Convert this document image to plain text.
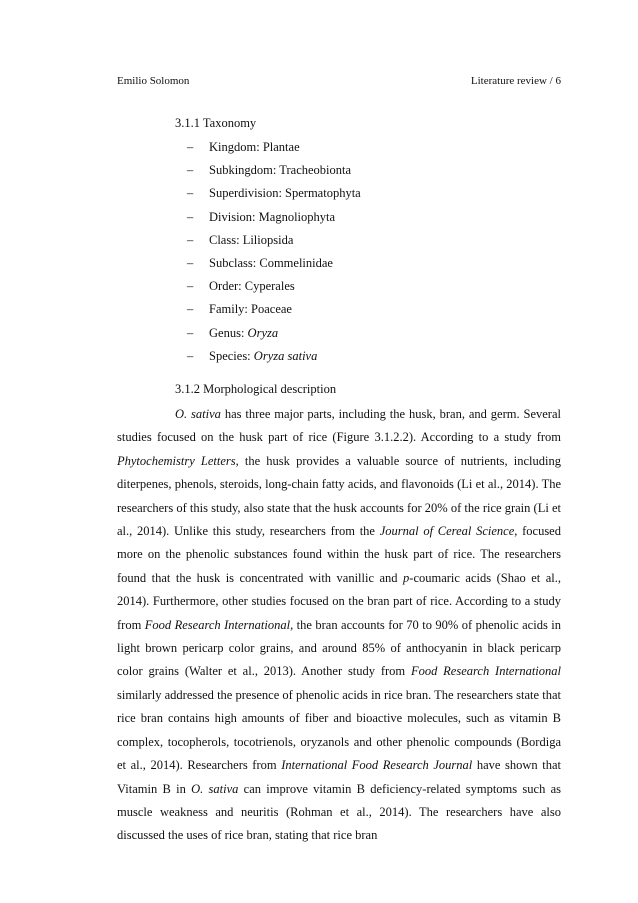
Emilio Solomon	Literature review / 6

3.1.1 Taxonomy

– Kingdom: Plantae
– Subkingdom: Tracheobionta
– Superdivision: Spermatophyta
– Division: Magnoliophyta
– Class: Liliopsida
– Subclass: Commelinidae
– Order: Cyperales
– Family: Poaceae
– Genus: Oryza
– Species: Oryza sativa

3.1.2 Morphological description

O. sativa has three major parts, including the husk, bran, and germ. Several studies focused on the husk part of rice (Figure 3.1.2.2). According to a study from Phytochemistry Letters, the husk provides a valuable source of nutrients, including diterpenes, phenols, steroids, long-chain fatty acids, and flavonoids (Li et al., 2014). The researchers of this study, also state that the husk accounts for 20% of the rice grain (Li et al., 2014). Unlike this study, researchers from the Journal of Cereal Science, focused more on the phenolic substances found within the husk part of rice. The researchers found that the husk is concentrated with vanillic and p-coumaric acids (Shao et al., 2014). Furthermore, other studies focused on the bran part of rice. According to a study from Food Research International, the bran accounts for 70 to 90% of phenolic acids in light brown pericarp color grains, and around 85% of anthocyanin in black pericarp color grains (Walter et al., 2013). Another study from Food Research International similarly addressed the presence of phenolic acids in rice bran. The researchers state that rice bran contains high amounts of fiber and bioactive molecules, such as vitamin B complex, tocopherols, tocotrienols, oryzanols and other phenolic compounds (Bordiga et al., 2014). Researchers from International Food Research Journal have shown that Vitamin B in O. sativa can improve vitamin B deficiency-related symptoms such as muscle weakness and neuritis (Rohman et al., 2014). The researchers have also discussed the uses of rice bran, stating that rice bran
